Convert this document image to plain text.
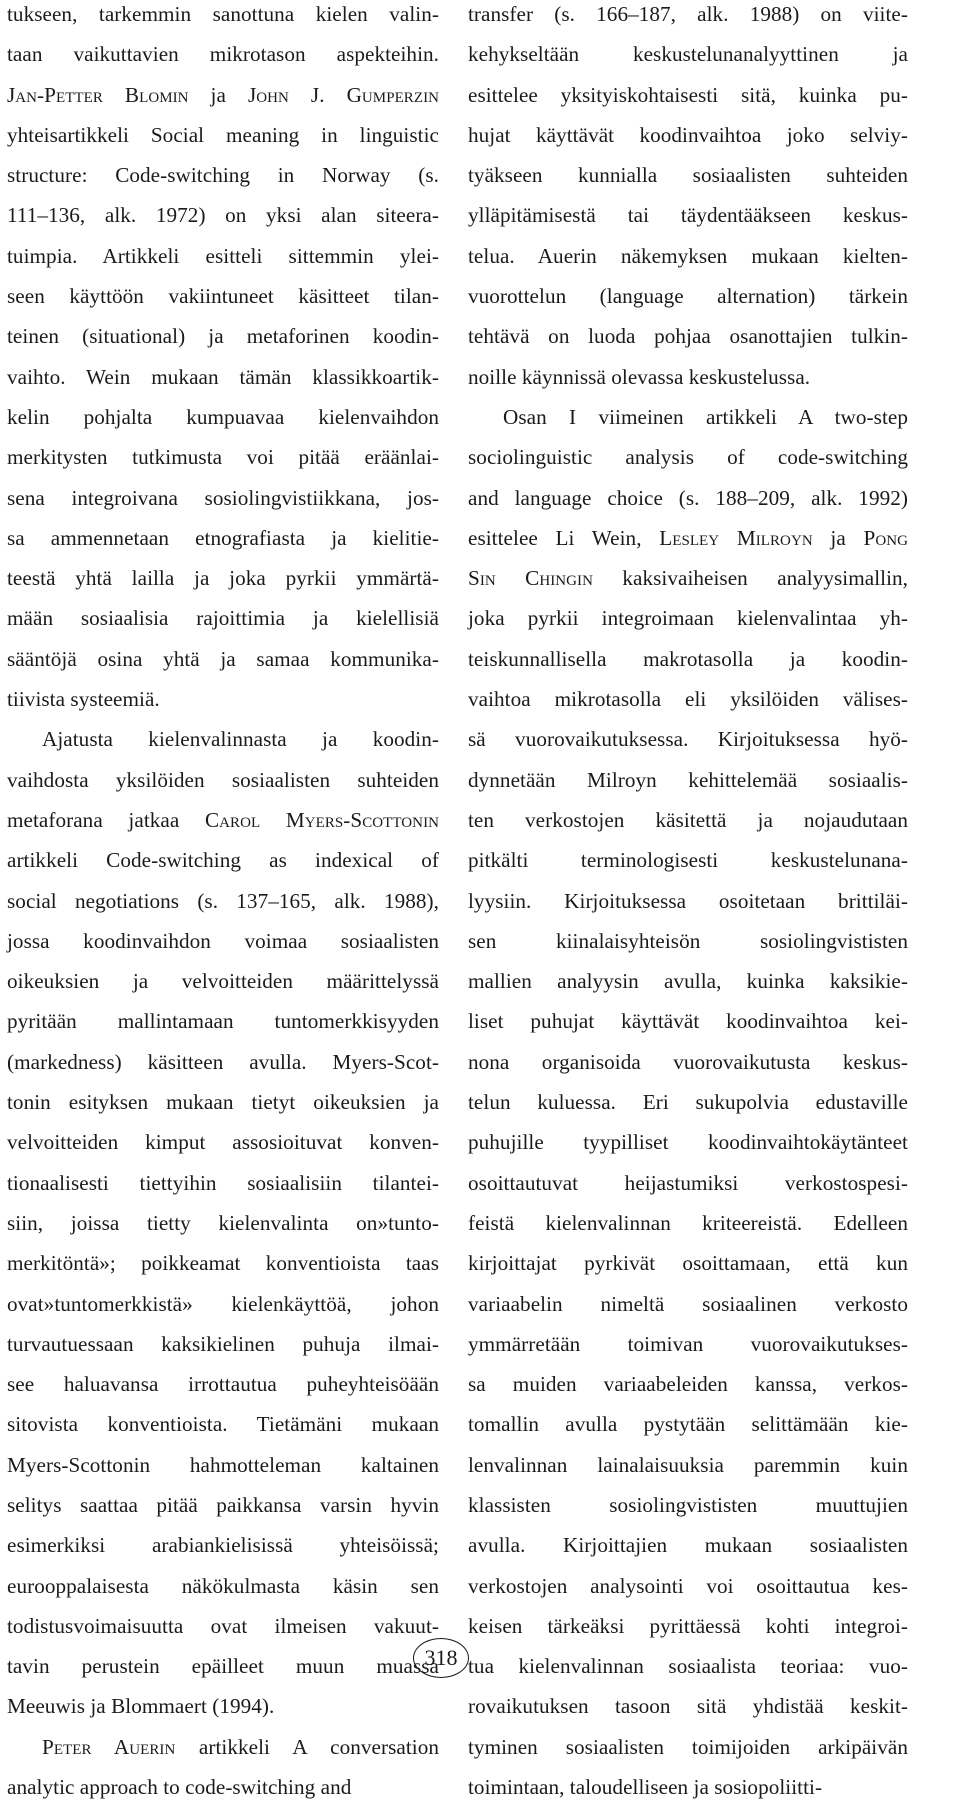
tukseen, tarkemmin sanottuna kielen valin-
taan vaikuttavien mikrotason aspekteihin.
Jan-Petter Blomin ja John J. Gumperzin
yhteisartikkeli Social meaning in linguistic
structure: Code-switching in Norway (s.
111–136, alk. 1972) on yksi alan siteera-
tuimpia. Artikkeli esitteli sittemmin ylei-
seen käyttöön vakiintuneet käsitteet tilan-
teinen (situational) ja metaforinen koodin-
vaihto. Wein mukaan tämän klassikkoartik-
kelin pohjalta kumpuavaa kielenvaihdon
merkitysten tutkimusta voi pitää eräänlai-
sena integroivana sosiolingvistiikkana, jos-
sa ammennetaan etnografiasta ja kielitie-
teestä yhtä lailla ja joka pyrkii ymmärtä-
mään sosiaalisia rajoittimia ja kielellisiä
sääntöjä osina yhtä ja samaa kommunika-
tiivista systeemiä.
Ajatusta kielenvalinnasta ja koodin-
vaihdosta yksilöiden sosiaalisten suhteiden
metaforana jatkaa Carol Myers-Scottonin
artikkeli Code-switching as indexical of
social negotiations (s. 137–165, alk. 1988),
jossa koodinvaihdon voimaa sosiaalisten
oikeuksien ja velvoitteiden määrittelyssä
pyritään mallintamaan tuntomerkkisyyden
(markedness) käsitteen avulla. Myers-Scot-
tonin esityksen mukaan tietyt oikeuksien ja
velvoitteiden kimput assosioituvat konven-
tionaalisesti tiettyihin sosiaalisiin tilantei-
siin, joissa tietty kielenvalinta on»tunto-
merkitöntä»; poikkeamat konventioista taas
ovat»tuntomerkkistä» kielenkäyttöä, johon
turvautuessaan kaksikielinen puhuja ilmai-
see haluavansa irrottautua puheyhteisöään
sitovista konventioista. Tietämäni mukaan
Myers-Scottonin hahmotteleman kaltainen
selitys saattaa pitää paikkansa varsin hyvin
esimerkiksi arabiankielisissä yhteisöissä;
eurooppalaisesta näkökulmasta käsin sen
todistusvoimaisuutta ovat ilmeisen vakuut-
tavin perustein epäilleet muun muassa
Meeuwis ja Blommaert (1994).
Peter Auerin artikkeli A conversation
analytic approach to code-switching and
transfer (s. 166–187, alk. 1988) on viite-
kehykseltään keskustelunanalyyttinen ja
esittelee yksityiskohtaisesti sitä, kuinka pu-
hujat käyttävät koodinvaihtoa joko selviy-
tyäkseen kunnialla sosiaalisten suhteiden
ylläpitämisestä tai täydentääkseen keskus-
telua. Auerin näkemyksen mukaan kielten-
vuorottelun (language alternation) tärkein
tehtävä on luoda pohjaa osanottajien tulkin-
noille käynnissä olevassa keskustelussa.
Osan I viimeinen artikkeli A two-step
sociolinguistic analysis of code-switching
and language choice (s. 188–209, alk. 1992)
esittelee Li Wein, Lesley Milroyn ja Pong
Sin Chingin kaksivaiheisen analyysimallin,
joka pyrkii integroimaan kielenvalintaa yh-
teiskunnallisella makrotasolla ja koodin-
vaihtoa mikrotasolla eli yksilöiden välises-
sä vuorovaikutuksessa. Kirjoituksessa hyö-
dynnetään Milroyn kehittelemää sosiaalis-
ten verkostojen käsitettä ja nojaudutaan
pitkälti terminologisesti keskustelunana-
lyysiin. Kirjoituksessa osoitetaan brittiläi-
sen kiinalaisyhteisön sosiolingvististen
mallien analyysin avulla, kuinka kaksikie-
liset puhujat käyttävät koodinvaihtoa kei-
nona organisoida vuorovaikutusta keskus-
telun kuluessa. Eri sukupolvia edustaville
puhujille tyypilliset koodinvaihtokäytänteet
osoittautuvat heijastumiksi verkostospesi-
feistä kielenvalinnan kriteereistä. Edelleen
kirjoittajat pyrkivät osoittamaan, että kun
variaabelin nimeltä sosiaalinen verkosto
ymmärretään toimivan vuorovaikutukses-
sa muiden variaabeleiden kanssa, verkos-
tomallin avulla pystytään selittämään kie-
lenvalinnan lainalaisuuksia paremmin kuin
klassisten sosiolingvististen muuttujien
avulla. Kirjoittajien mukaan sosiaalisten
verkostojen analysointi voi osoittautua kes-
keisen tärkeäksi pyrittäessä kohti integroi-
tua kielenvalinnan sosiaalista teoriaa: vuo-
rovaikutuksen tasoon sitä yhdistää keskit-
tyminen sosiaalisten toimijoiden arkipäivän
toimintaan, taloudelliseen ja sosiopoliitti-
318
